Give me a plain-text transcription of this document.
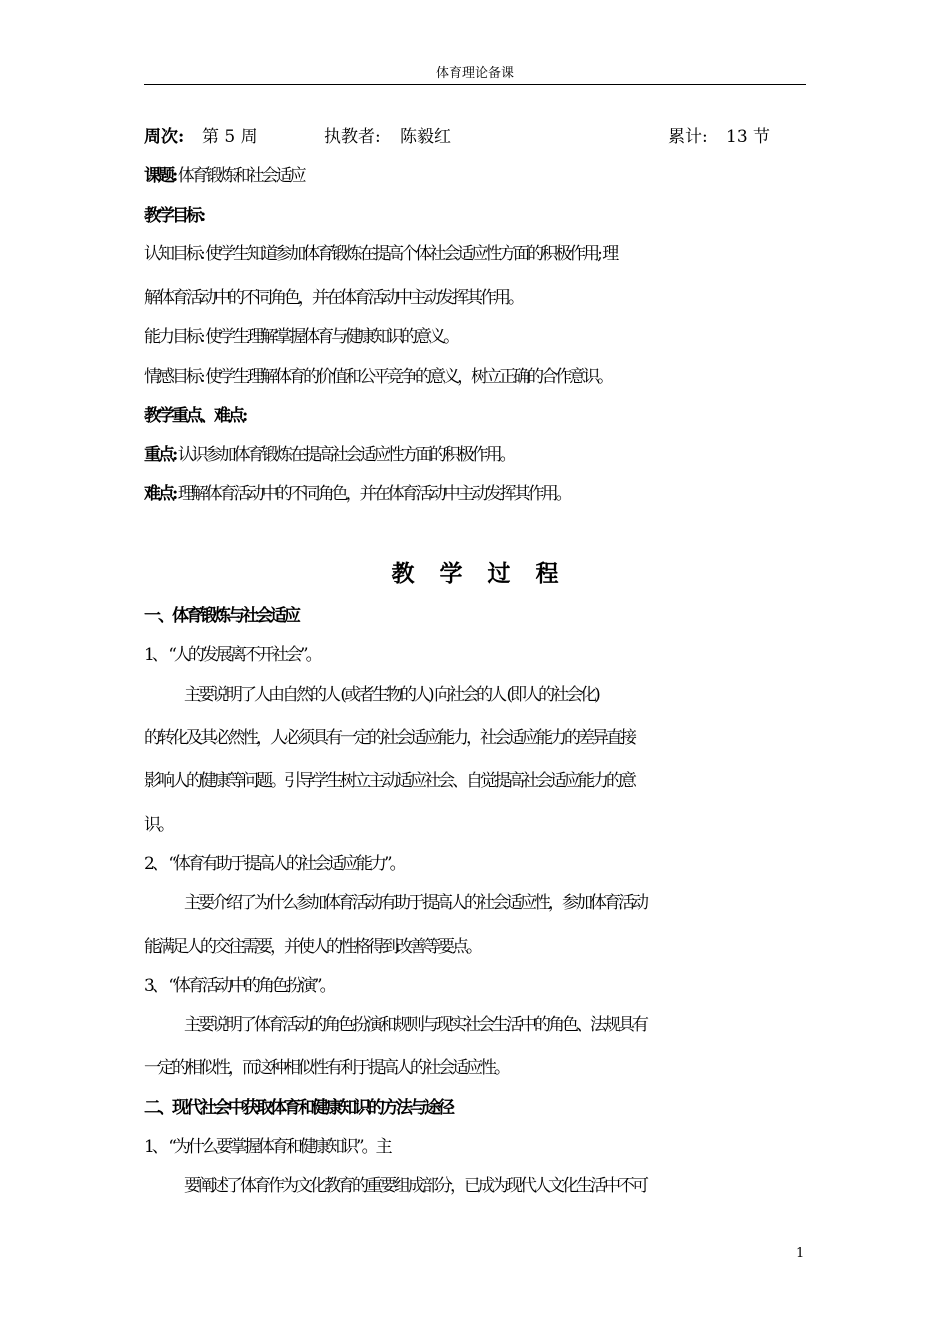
体育理论备课
周次: 第 5 周	执教者: 陈毅红	累计: 13 节
课题: 体育锻炼和社会适应
教学目标:
认知目标: 使学生知道参加体育锻炼在提高个体社会适应性方面的积极作用; 理
解体育活动中的不同角色，并在体育活动中主动发挥其作用。
能力目标: 使学生理解掌握体育与健康知识的意义。
情感目标: 使学生理解体育的价值和公平竞争的意义，树立正确的合作意识。
教学重点、难点:
重点: 认识参加体育锻炼在提高社会适应性方面的积极作用。
难点: 理解体育活动中的不同角色，并在体育活动中主动发挥其作用。
教学过程
一、体育锻炼与社会适应
1、 “人的发展离不开社会”。
主要说明了人由自然的人 (或者生物的人) 向社会的人 (即人的社会化)
的转化及其必然性，人必须具有一定的社会适应能力，社会适应能力的差异直接
影响人的健康等问题。引导学生树立主动适应社会、自觉提高社会适应能力的意
识。
2、 “体育有助于提高人的社会适应能力”。
主要介绍了为什么参加体育活动有助于提高人的社会适应性，参加体育活动
能满足人的交往需要，并使人的性格得到改善等要点。
3、 “体育活动中的角色扮演”。
主要说明了体育活动的角色扮演和规则与现实社会生活中的角色、法规具有
一定的相似性，而这种相似性有利于提高人的社会适应性。
二、现代社会中获取体育和健康知识的方法与途径
1、 “为什么要掌握体育和健康知识”。主
要阐述了体育作为文化教育的重要组成部分，已成为现代人文化生活中不可
1
